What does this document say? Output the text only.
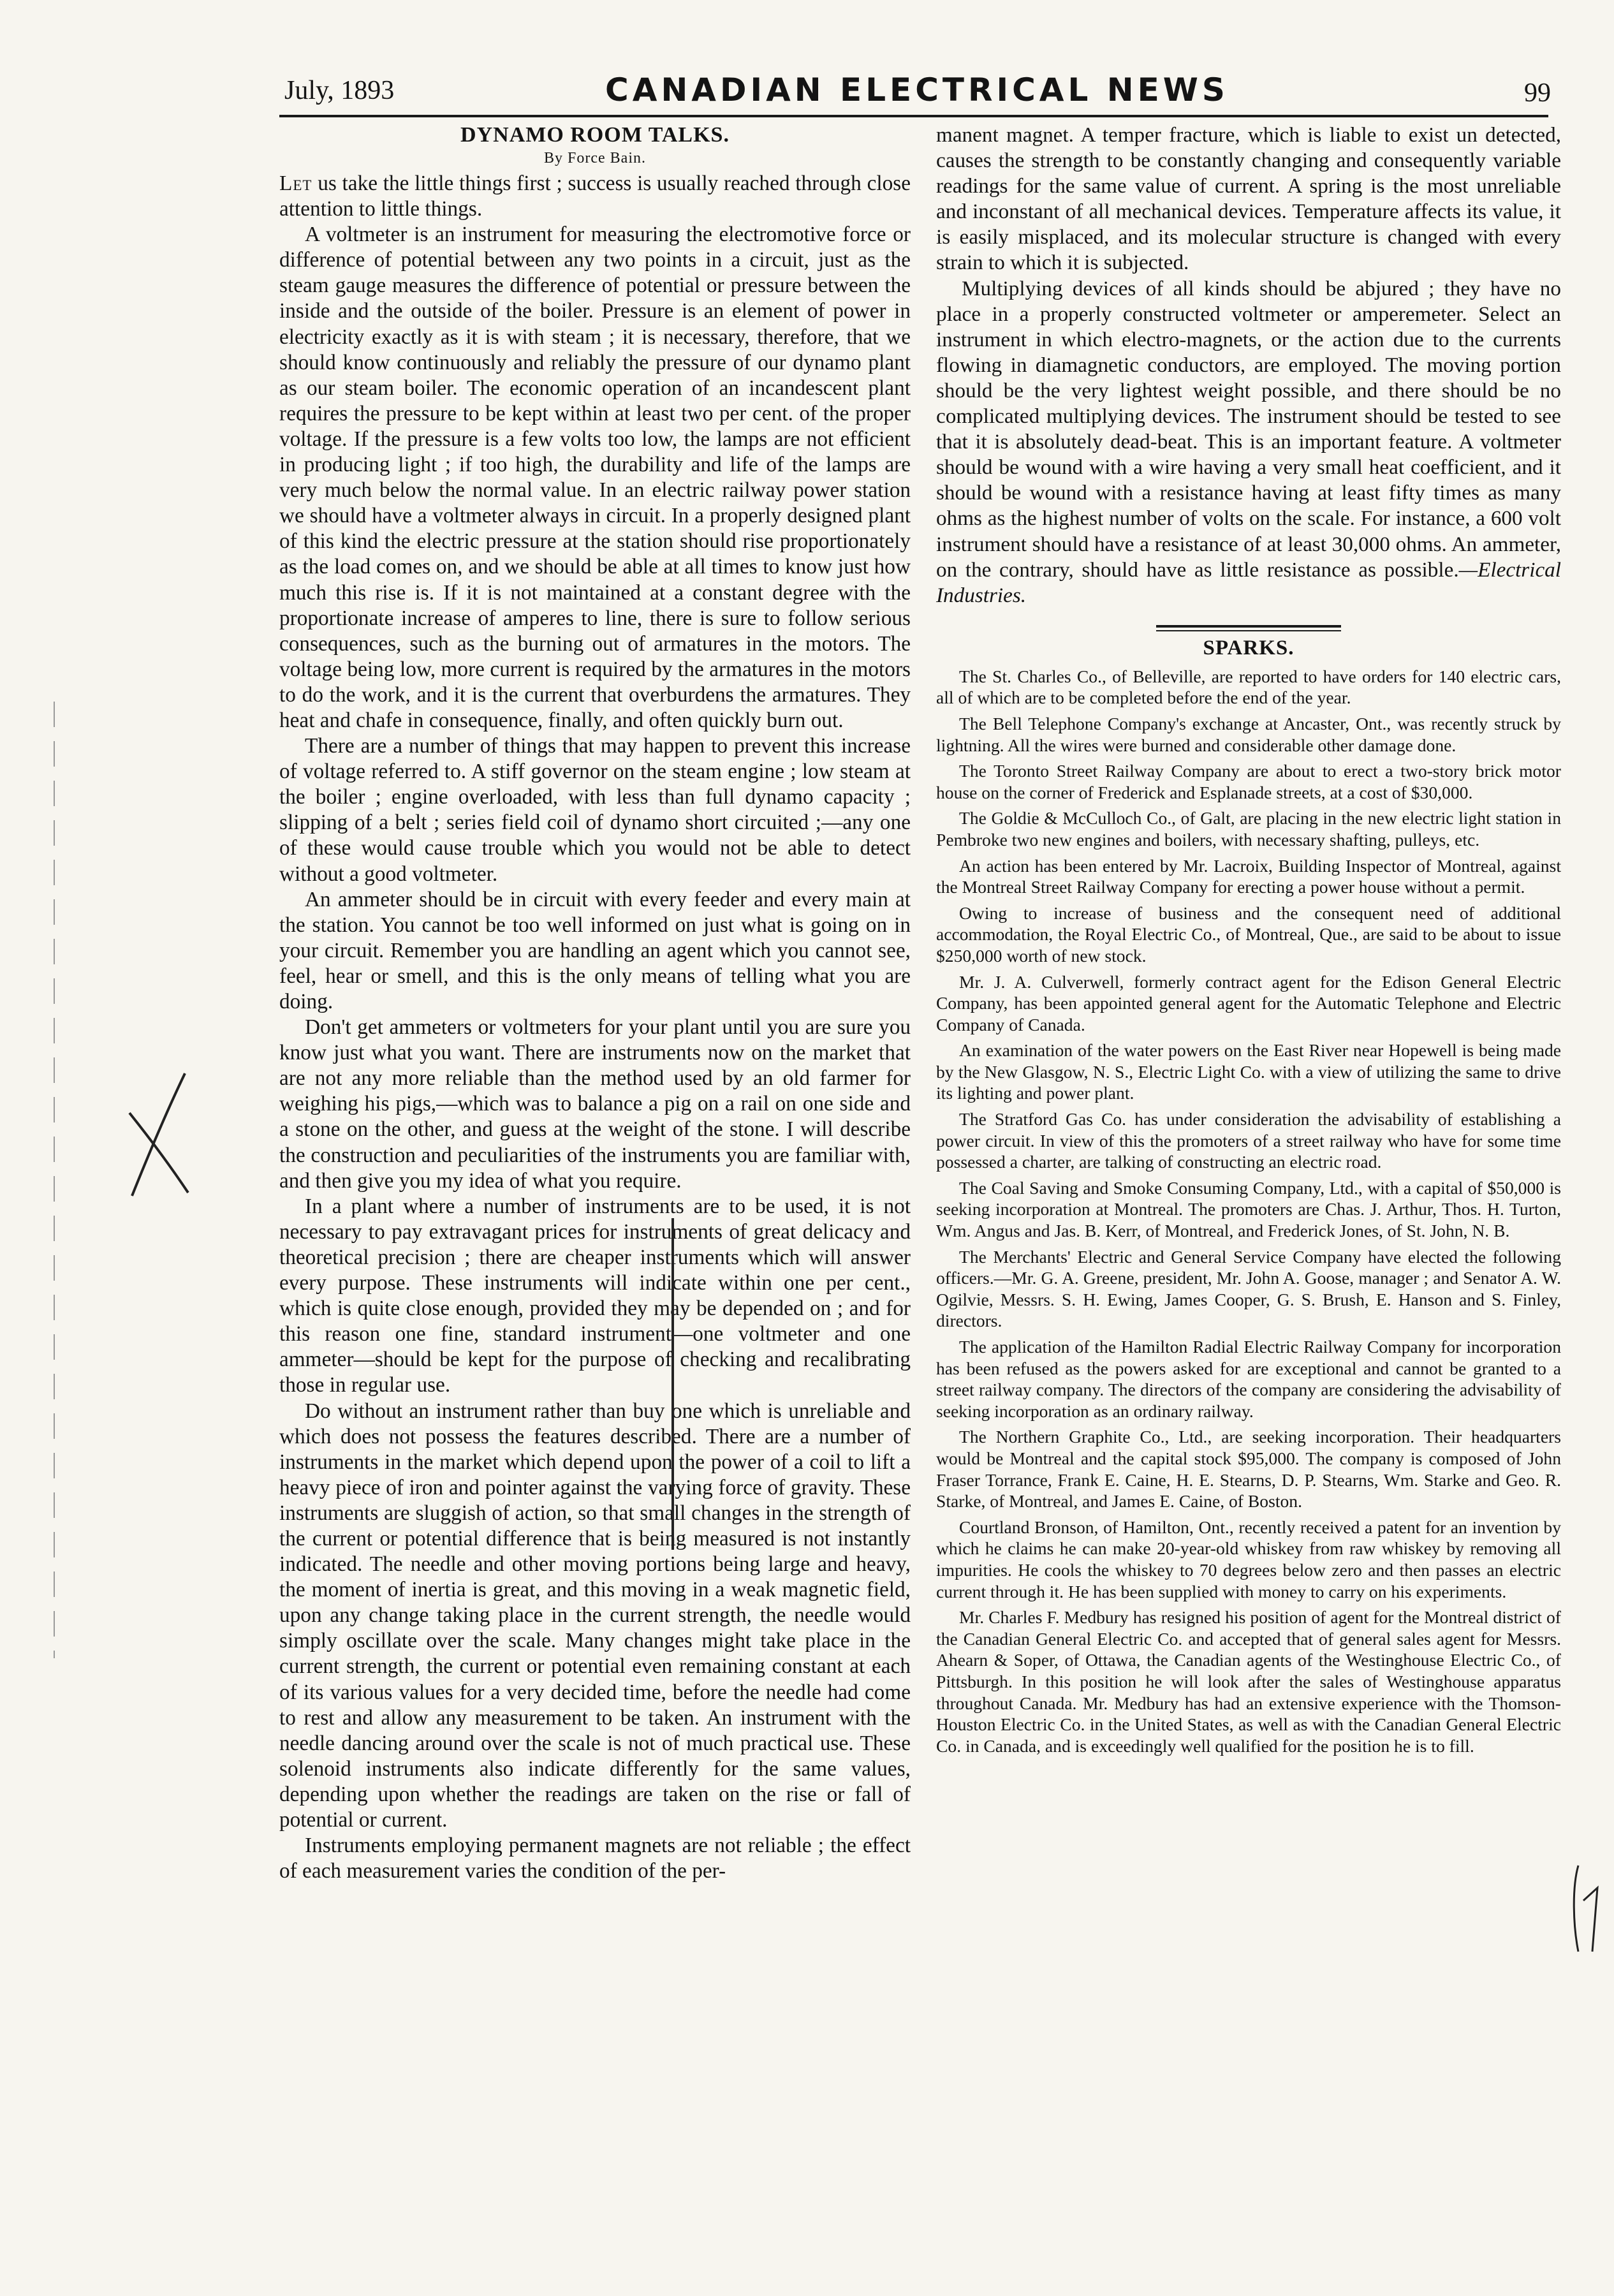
July, 1893	CANADIAN ELECTRICAL NEWS	99
DYNAMO ROOM TALKS.
By Force Bain.

Let us take the little things first ; success is usually reached through close attention to little things.

A voltmeter is an instrument for measuring the electromotive force or difference of potential between any two points in a circuit, just as the steam gauge measures the difference of potential or pressure between the inside and the outside of the boiler. Pressure is an element of power in electricity exactly as it is with steam ; it is necessary, therefore, that we should know continuously and reliably the pressure of our dynamo plant as our steam boiler. The economic operation of an incandescent plant requires the pressure to be kept within at least two per cent. of the proper voltage. If the pressure is a few volts too low, the lamps are not efficient in producing light ; if too high, the durability and life of the lamps are very much below the normal value. In an electric railway power station we should have a voltmeter always in circuit. In a properly designed plant of this kind the electric pressure at the station should rise proportionately as the load comes on, and we should be able at all times to know just how much this rise is. If it is not maintained at a constant degree with the proportionate increase of amperes to line, there is sure to follow serious consequences, such as the burning out of armatures in the motors. The voltage being low, more current is required by the armatures in the motors to do the work, and it is the current that overburdens the armatures. They heat and chafe in consequence, finally, and often quickly burn out.

There are a number of things that may happen to prevent this increase of voltage referred to. A stiff governor on the steam engine ; low steam at the boiler ; engine overloaded, with less than full dynamo capacity ; slipping of a belt ; series field coil of dynamo short circuited ;—any one of these would cause trouble which you would not be able to detect without a good voltmeter.

An ammeter should be in circuit with every feeder and every main at the station. You cannot be too well informed on just what is going on in your circuit. Remember you are handling an agent which you cannot see, feel, hear or smell, and this is the only means of telling what you are doing.

Don't get ammeters or voltmeters for your plant until you are sure you know just what you want. There are instruments now on the market that are not any more reliable than the method used by an old farmer for weighing his pigs,—which was to balance a pig on a rail on one side and a stone on the other, and guess at the weight of the stone. I will describe the construction and peculiarities of the instruments you are familiar with, and then give you my idea of what you require.

In a plant where a number of instruments are to be used, it is not necessary to pay extravagant prices for instruments of great delicacy and theoretical precision ; there are cheaper instruments which will answer every purpose. These instruments will indicate within one per cent., which is quite close enough, provided they may be depended on ; and for this reason one fine, standard instrument—one voltmeter and one ammeter—should be kept for the purpose of checking and recalibrating those in regular use.

Do without an instrument rather than buy one which is unreliable and which does not possess the features described. There are a number of instruments in the market which depend upon the power of a coil to lift a heavy piece of iron and pointer against the varying force of gravity. These instruments are sluggish of action, so that small changes in the strength of the current or potential difference that is being measured is not instantly indicated. The needle and other moving portions being large and heavy, the moment of inertia is great, and this moving in a weak magnetic field, upon any change taking place in the current strength, the needle would simply oscillate over the scale. Many changes might take place in the current strength, the current or potential even remaining constant at each of its various values for a very decided time, before the needle had come to rest and allow any measurement to be taken. An instrument with the needle dancing around over the scale is not of much practical use. These solenoid instruments also indicate differently for the same values, depending upon whether the readings are taken on the rise or fall of potential or current.

Instruments employing permanent magnets are not reliable ; the effect of each measurement varies the condition of the per-

manent magnet. A temper fracture, which is liable to exist un detected, causes the strength to be constantly changing and consequently variable readings for the same value of current. A spring is the most unreliable and inconstant of all mechanical devices. Temperature affects its value, it is easily misplaced, and its molecular structure is changed with every strain to which it is subjected.

Multiplying devices of all kinds should be abjured ; they have no place in a properly constructed voltmeter or amperemeter. Select an instrument in which electro-magnets, or the action due to the currents flowing in diamagnetic conductors, are employed. The moving portion should be the very lightest weight possible, and there should be no complicated multiplying devices. The instrument should be tested to see that it is absolutely dead-beat. This is an important feature. A voltmeter should be wound with a wire having a very small heat coefficient, and it should be wound with a resistance having at least fifty times as many ohms as the highest number of volts on the scale. For instance, a 600 volt instrument should have a resistance of at least 30,000 ohms. An ammeter, on the contrary, should have as little resistance as possible.—Electrical Industries.

SPARKS.

The St. Charles Co., of Belleville, are reported to have orders for 140 electric cars, all of which are to be completed before the end of the year.

The Bell Telephone Company's exchange at Ancaster, Ont., was recently struck by lightning. All the wires were burned and considerable other damage done.

The Toronto Street Railway Company are about to erect a two-story brick motor house on the corner of Frederick and Esplanade streets, at a cost of $30,000.

The Goldie & McCulloch Co., of Galt, are placing in the new electric light station in Pembroke two new engines and boilers, with necessary shafting, pulleys, etc.

An action has been entered by Mr. Lacroix, Building Inspector of Montreal, against the Montreal Street Railway Company for erecting a power house without a permit.

Owing to increase of business and the consequent need of additional accommodation, the Royal Electric Co., of Montreal, Que., are said to be about to issue $250,000 worth of new stock.

Mr. J. A. Culverwell, formerly contract agent for the Edison General Electric Company, has been appointed general agent for the Automatic Telephone and Electric Company of Canada.

An examination of the water powers on the East River near Hopewell is being made by the New Glasgow, N. S., Electric Light Co. with a view of utilizing the same to drive its lighting and power plant.

The Stratford Gas Co. has under consideration the advisability of establishing a power circuit. In view of this the promoters of a street railway who have for some time possessed a charter, are talking of constructing an electric road.

The Coal Saving and Smoke Consuming Company, Ltd., with a capital of $50,000 is seeking incorporation at Montreal. The promoters are Chas. J. Arthur, Thos. H. Turton, Wm. Angus and Jas. B. Kerr, of Montreal, and Frederick Jones, of St. John, N. B.

The Merchants' Electric and General Service Company have elected the following officers.—Mr. G. A. Greene, president, Mr. John A. Goose, manager ; and Senator A. W. Ogilvie, Messrs. S. H. Ewing, James Cooper, G. S. Brush, E. Hanson and S. Finley, directors.

The application of the Hamilton Radial Electric Railway Company for incorporation has been refused as the powers asked for are exceptional and cannot be granted to a street railway company. The directors of the company are considering the advisability of seeking incorporation as an ordinary railway.

The Northern Graphite Co., Ltd., are seeking incorporation. Their headquarters would be Montreal and the capital stock $95,000. The company is composed of John Fraser Torrance, Frank E. Caine, H. E. Stearns, D. P. Stearns, Wm. Starke and Geo. R. Starke, of Montreal, and James E. Caine, of Boston.

Courtland Bronson, of Hamilton, Ont., recently received a patent for an invention by which he claims he can make 20-year-old whiskey from raw whiskey by removing all impurities. He cools the whiskey to 70 degrees below zero and then passes an electric current through it. He has been supplied with money to carry on his experiments.

Mr. Charles F. Medbury has resigned his position of agent for the Montreal district of the Canadian General Electric Co. and accepted that of general sales agent for Messrs. Ahearn & Soper, of Ottawa, the Canadian agents of the Westinghouse Electric Co., of Pittsburgh. In this position he will look after the sales of Westinghouse apparatus throughout Canada. Mr. Medbury has had an extensive experience with the Thomson-Houston Electric Co. in the United States, as well as with the Canadian General Electric Co. in Canada, and is exceedingly well qualified for the position he is to fill.
